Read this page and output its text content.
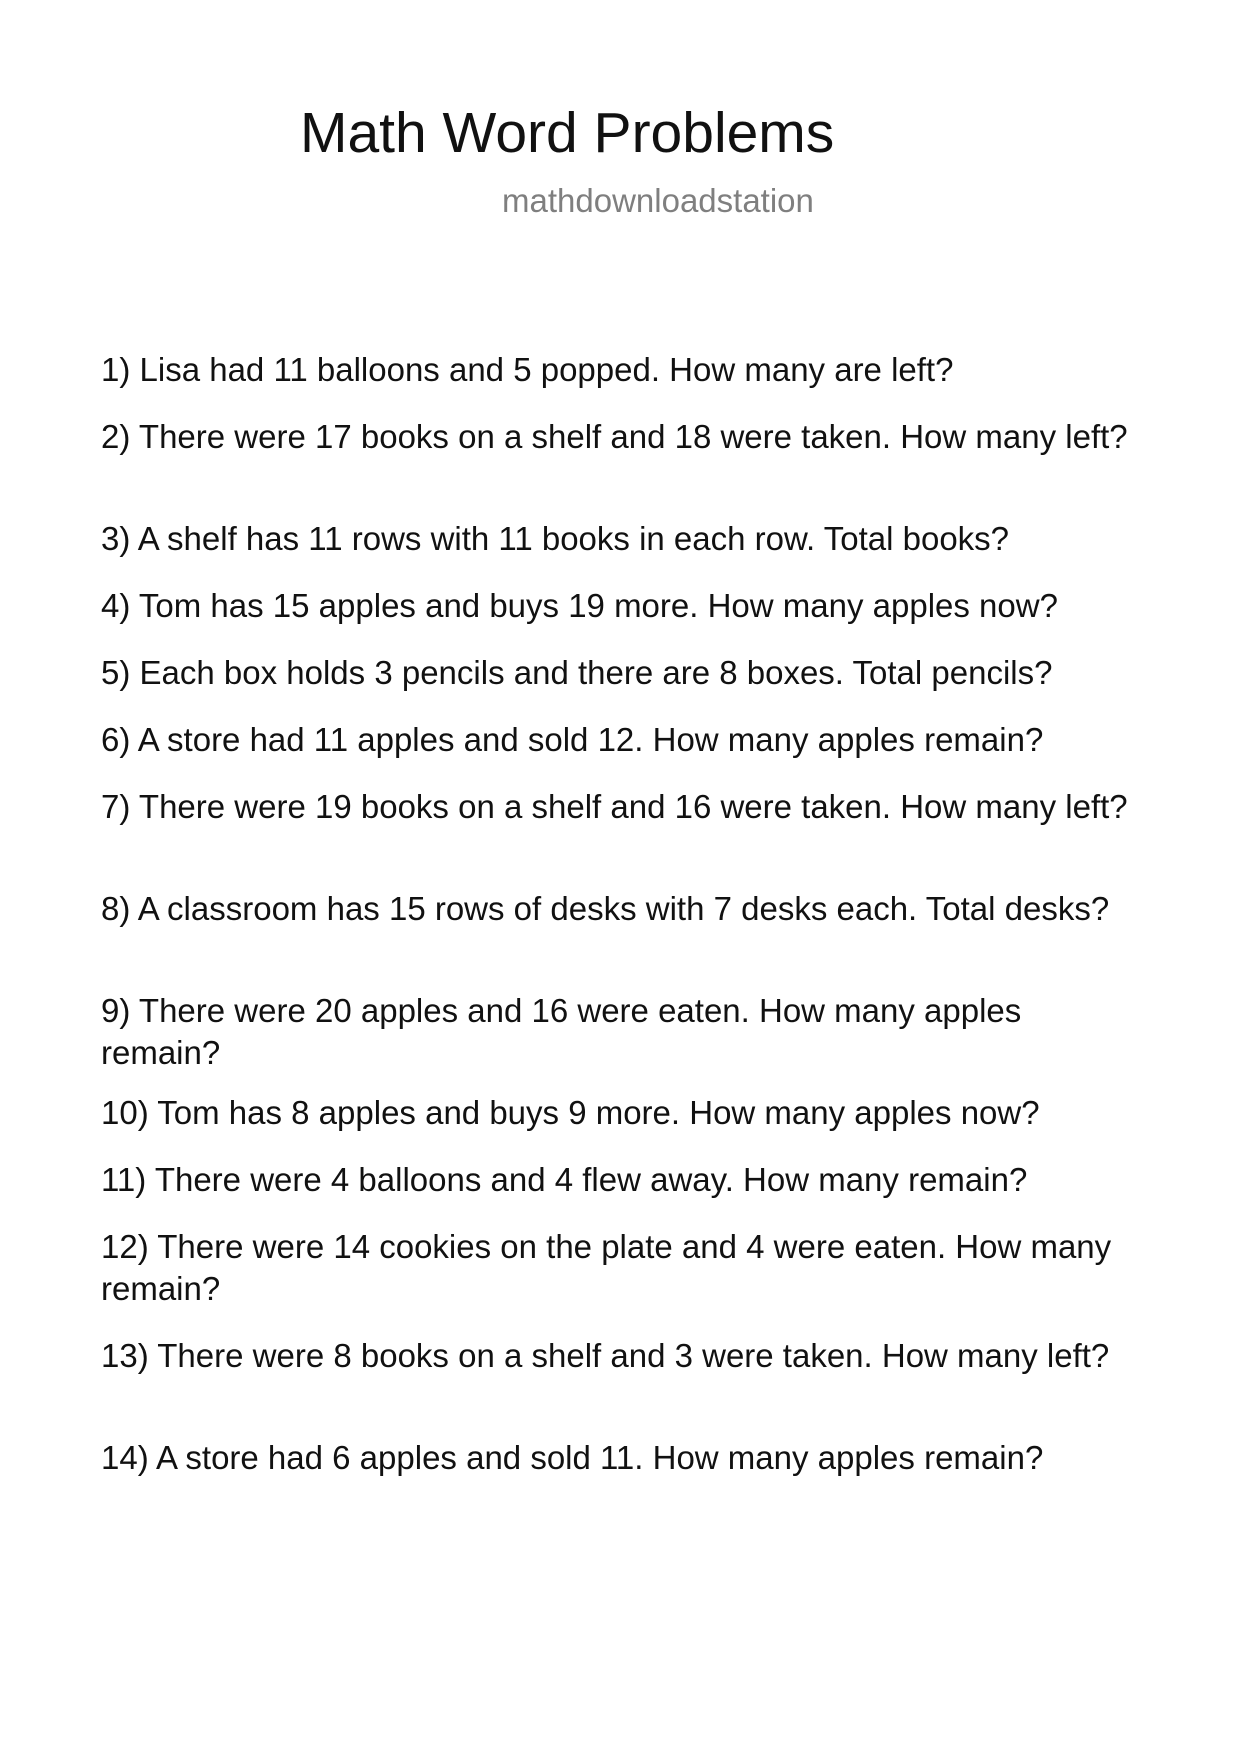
Math Word Problems
mathdownloadstation

1) Lisa had 11 balloons and 5 popped. How many are left?

2) There were 17 books on a shelf and 18 were taken. How many left?

3) A shelf has 11 rows with 11 books in each row. Total books?

4) Tom has 15 apples and buys 19 more. How many apples now?

5) Each box holds 3 pencils and there are 8 boxes. Total pencils?

6) A store had 11 apples and sold 12. How many apples remain?

7) There were 19 books on a shelf and 16 were taken. How many left?

8) A classroom has 15 rows of desks with 7 desks each. Total desks?

9) There were 20 apples and 16 were eaten. How many apples remain?

10) Tom has 8 apples and buys 9 more. How many apples now?

11) There were 4 balloons and 4 flew away. How many remain?

12) There were 14 cookies on the plate and 4 were eaten. How many remain?

13) There were 8 books on a shelf and 3 were taken. How many left?

14) A store had 6 apples and sold 11. How many apples remain?
